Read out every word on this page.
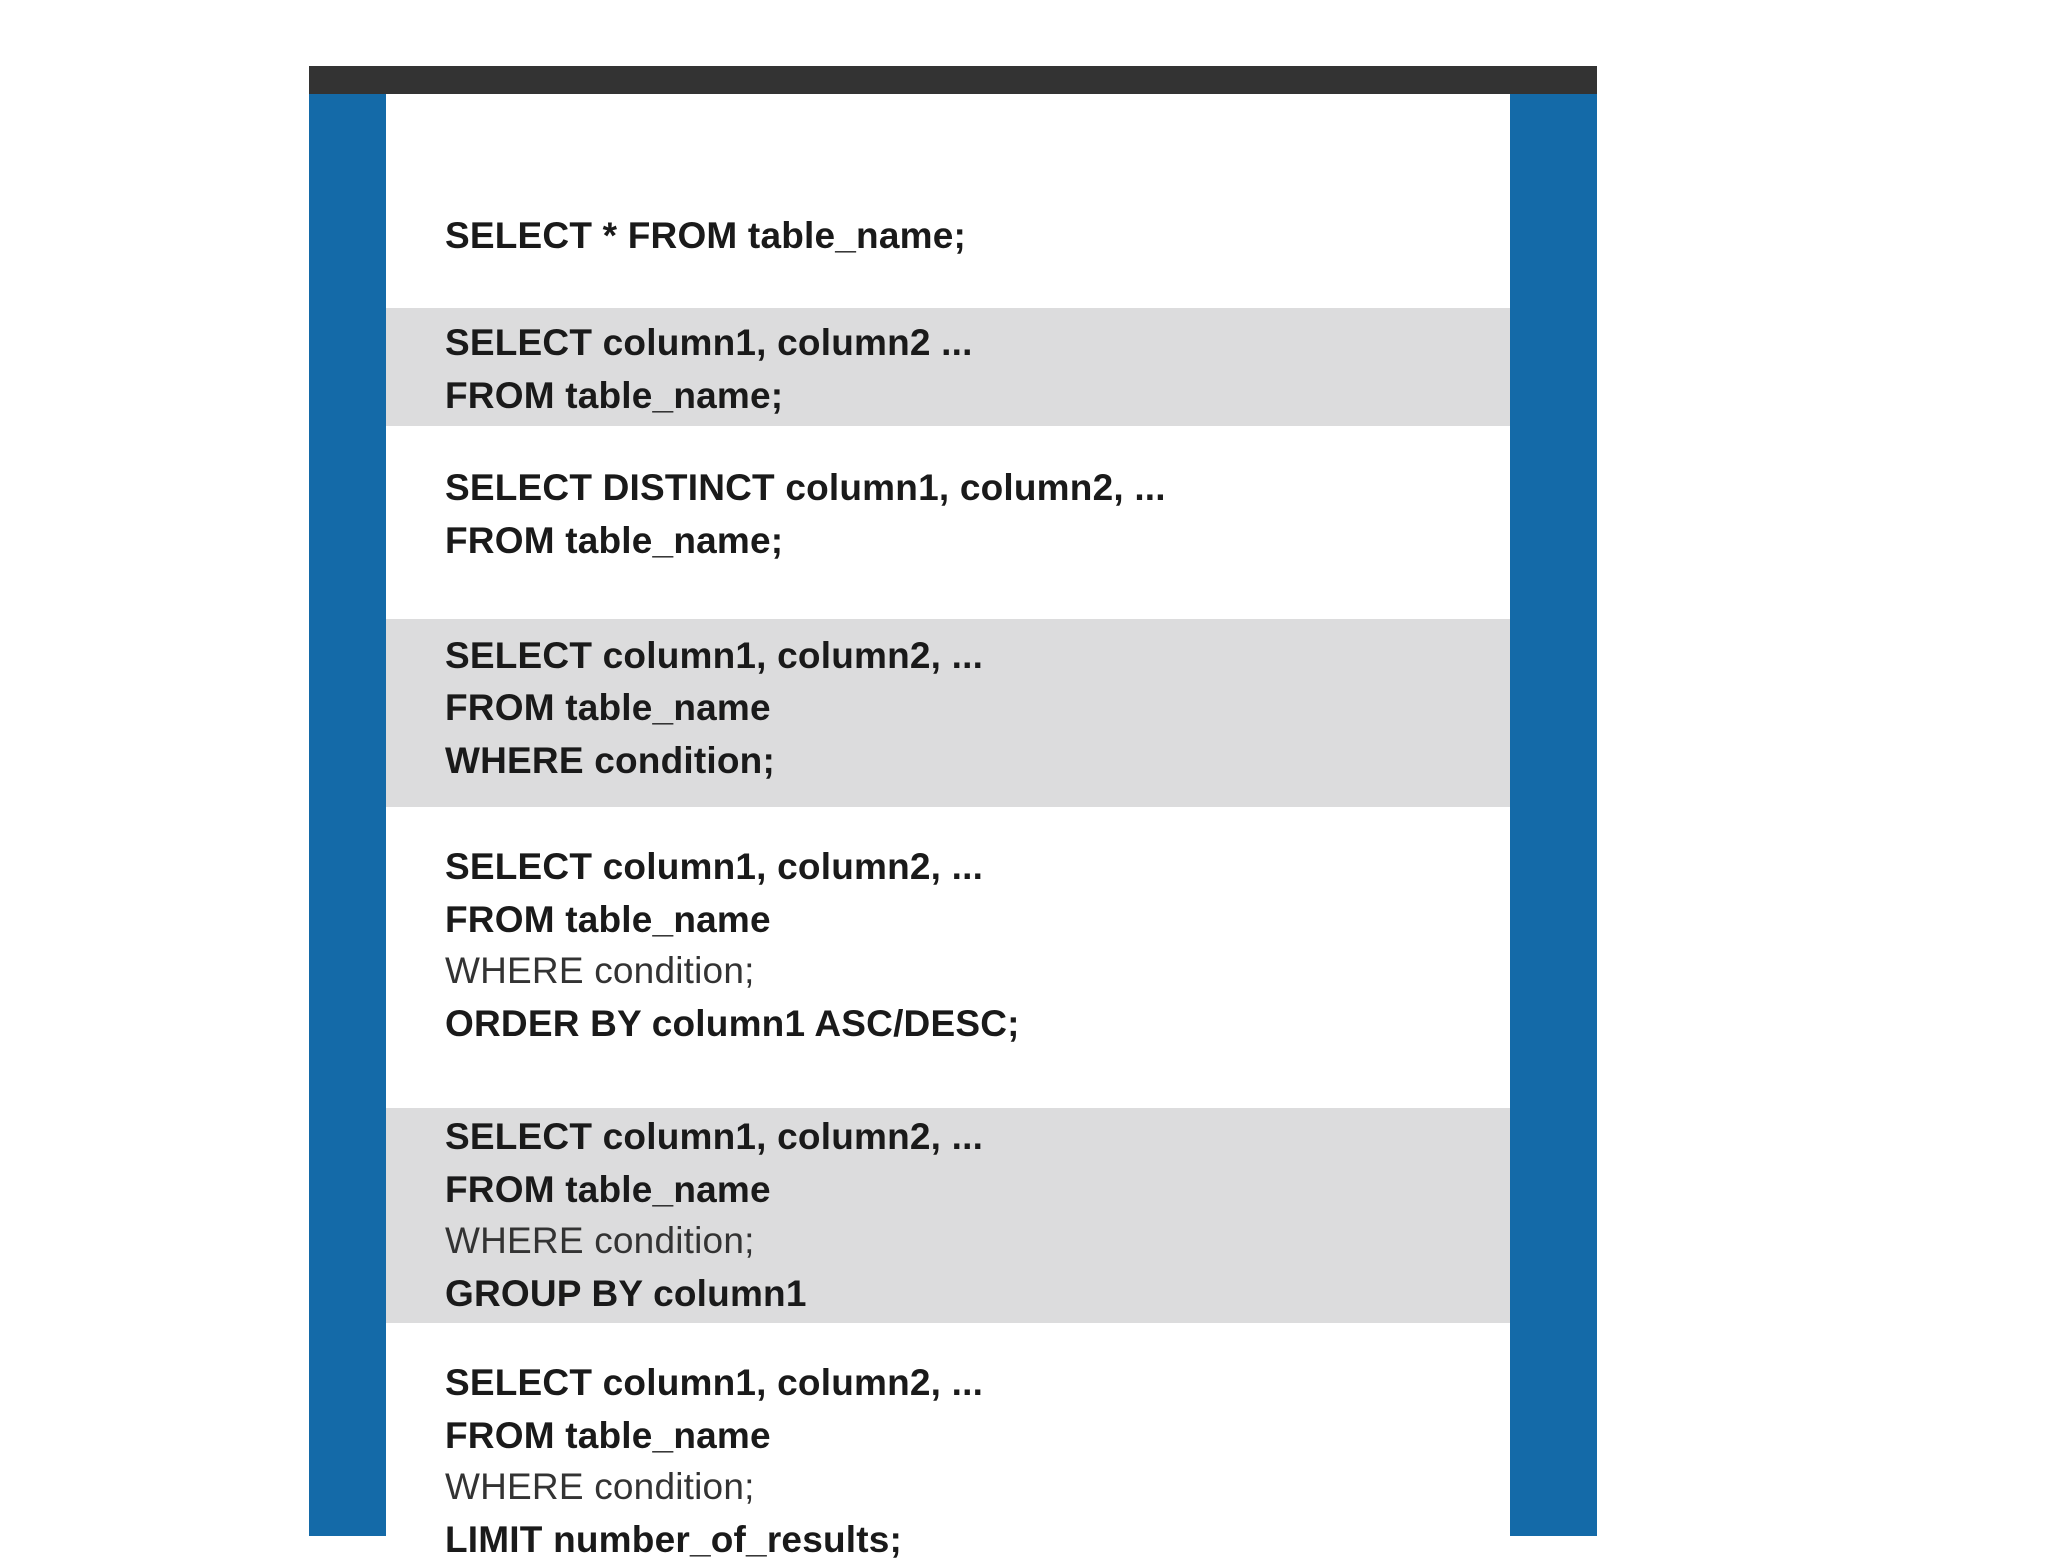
SELECT * FROM table_name;
SELECT column1, column2 ...
FROM table_name;
SELECT DISTINCT column1, column2, ...
FROM table_name;
SELECT column1, column2, ...
FROM table_name
WHERE condition;
SELECT column1, column2, ...
FROM table_name
WHERE condition;
ORDER BY column1 ASC/DESC;
SELECT column1, column2, ...
FROM table_name
WHERE condition;
GROUP BY column1
SELECT column1, column2, ...
FROM table_name
WHERE condition;
LIMIT number_of_results;
